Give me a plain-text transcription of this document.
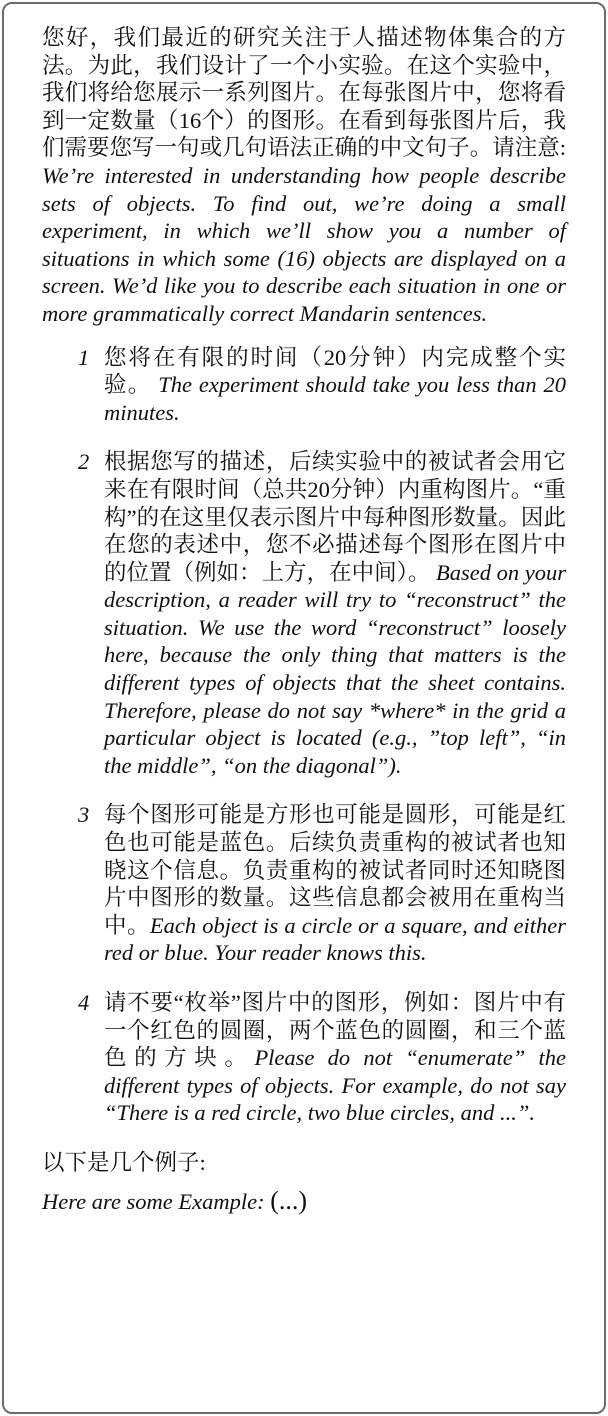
您好，我们最近的研究关注于人描述物体集合的方法。为此，我们设计了一个小实验。在这个实验中，我们将给您展示一系列图片。在每张图片中，您将看到一定数量（16个）的图形。在看到每张图片后，我们需要您写一句或几句语法正确的中文句子。请注意: We’re interested in understanding how people describe sets of objects. To find out, we’re doing a small experiment, in which we’ll show you a number of situations in which some (16) objects are displayed on a screen. We’d like you to describe each situation in one or more grammatically correct Mandarin sentences.
1 您将在有限的时间（20分钟）内完成整个实验。 The experiment should take you less than 20 minutes.
2 根据您写的描述，后续实验中的被试者会用它来在有限时间（总共20分钟）内重构图片。“重构”的在这里仅表示图片中每种图形数量。因此在您的表述中，您不必描述每个图形在图片中的位置（例如：上方，在中间）。 Based on your description, a reader will try to “reconstruct” the situation. We use the word “reconstruct” loosely here, because the only thing that matters is the different types of objects that the sheet contains. Therefore, please do not say *where* in the grid a particular object is located (e.g., ”top left”, “in the middle”, “on the diagonal”).
3 每个图形可能是方形也可能是圆形，可能是红色也可能是蓝色。后续负责重构的被试者也知晓这个信息。负责重构的被试者同时还知晓图片中图形的数量。这些信息都会被用在重构当中。Each object is a circle or a square, and either red or blue. Your reader knows this.
4 请不要“枚举”图片中的图形，例如：图片中有一个红色的圆圈，两个蓝色的圆圈，和三个蓝色的方块。Please do not “enumerate” the different types of objects. For example, do not say “There is a red circle, two blue circles, and ...”.
以下是几个例子:
Here are some Example: (...)
